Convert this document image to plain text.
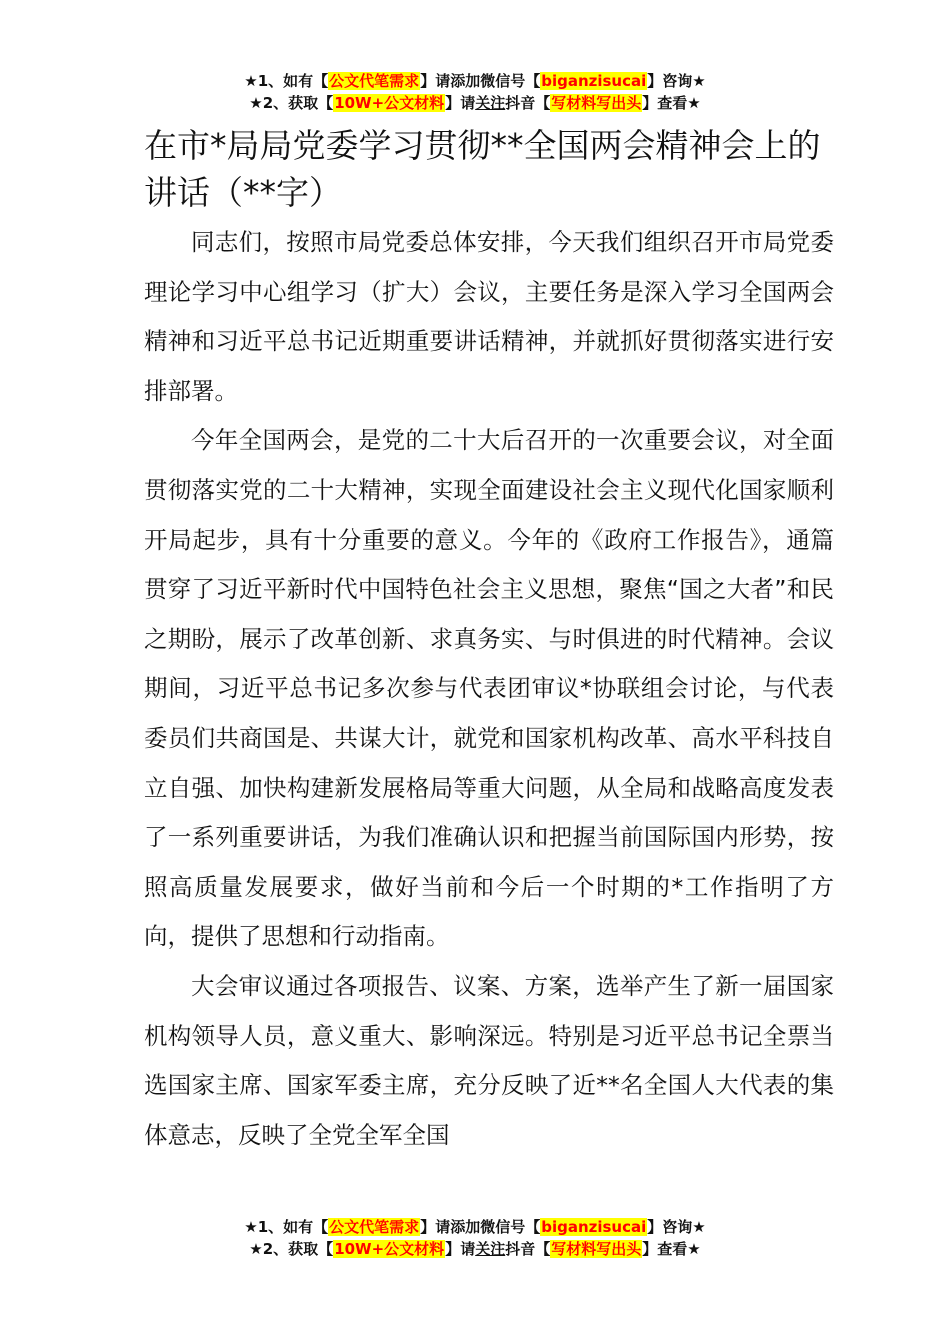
★1、如有【公文代笔需求】请添加微信号【biganzisucai】咨询★
★2、获取【10W+公文材料】请关注抖音【写材料写出头】查看★
在市*局局党委学习贯彻**全国两会精神会上的讲话（**字）

同志们，按照市局党委总体安排，今天我们组织召开市局党委理论学习中心组学习（扩大）会议，主要任务是深入学习全国两会精神和习近平总书记近期重要讲话精神，并就抓好贯彻落实进行安排部署。

今年全国两会，是党的二十大后召开的一次重要会议，对全面贯彻落实党的二十大精神，实现全面建设社会主义现代化国家顺利开局起步，具有十分重要的意义。今年的《政府工作报告》，通篇贯穿了习近平新时代中国特色社会主义思想，聚焦“国之大者”和民之期盼，展示了改革创新、求真务实、与时俱进的时代精神。会议期间，习近平总书记多次参与代表团审议*协联组会讨论，与代表委员们共商国是、共谋大计，就党和国家机构改革、高水平科技自立自强、加快构建新发展格局等重大问题，从全局和战略高度发表了一系列重要讲话，为我们准确认识和把握当前国际国内形势，按照高质量发展要求，做好当前和今后一个时期的*工作指明了方向，提供了思想和行动指南。

大会审议通过各项报告、议案、方案，选举产生了新一届国家机构领导人员，意义重大、影响深远。特别是习近平总书记全票当选国家主席、国家军委主席，充分反映了近**名全国人大代表的集体意志，反映了全党全军全国

★1、如有【公文代笔需求】请添加微信号【biganzisucai】咨询★
★2、获取【10W+公文材料】请关注抖音【写材料写出头】查看★
